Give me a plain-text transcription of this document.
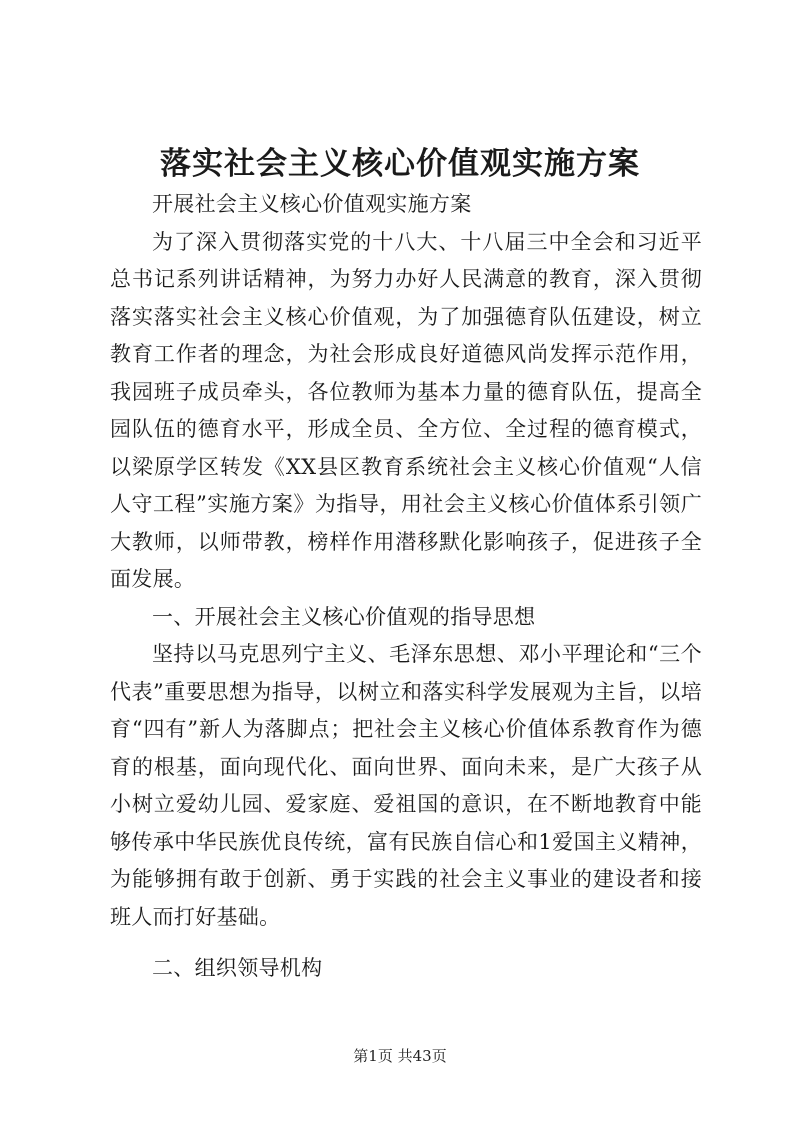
落实社会主义核心价值观实施方案

开展社会主义核心价值观实施方案

为了深入贯彻落实党的十八大、十八届三中全会和习近平总书记系列讲话精神，为努力办好人民满意的教育，深入贯彻落实落实社会主义核心价值观，为了加强德育队伍建设，树立教育工作者的理念，为社会形成良好道德风尚发挥示范作用，我园班子成员牵头，各位教师为基本力量的德育队伍，提高全园队伍的德育水平，形成全员、全方位、全过程的德育模式，以梁原学区转发《XX县区教育系统社会主义核心价值观“人信人守工程”实施方案》为指导，用社会主义核心价值体系引领广大教师，以师带教，榜样作用潜移默化影响孩子，促进孩子全面发展。

一、开展社会主义核心价值观的指导思想

坚持以马克思列宁主义、毛泽东思想、邓小平理论和“三个代表”重要思想为指导，以树立和落实科学发展观为主旨，以培育“四有”新人为落脚点；把社会主义核心价值体系教育作为德育的根基，面向现代化、面向世界、面向未来，是广大孩子从小树立爱幼儿园、爱家庭、爱祖国的意识，在不断地教育中能够传承中华民族优良传统，富有民族自信心和1爱国主义精神，为能够拥有敢于创新、勇于实践的社会主义事业的建设者和接班人而打好基础。

二、组织领导机构

第1页 共43页
